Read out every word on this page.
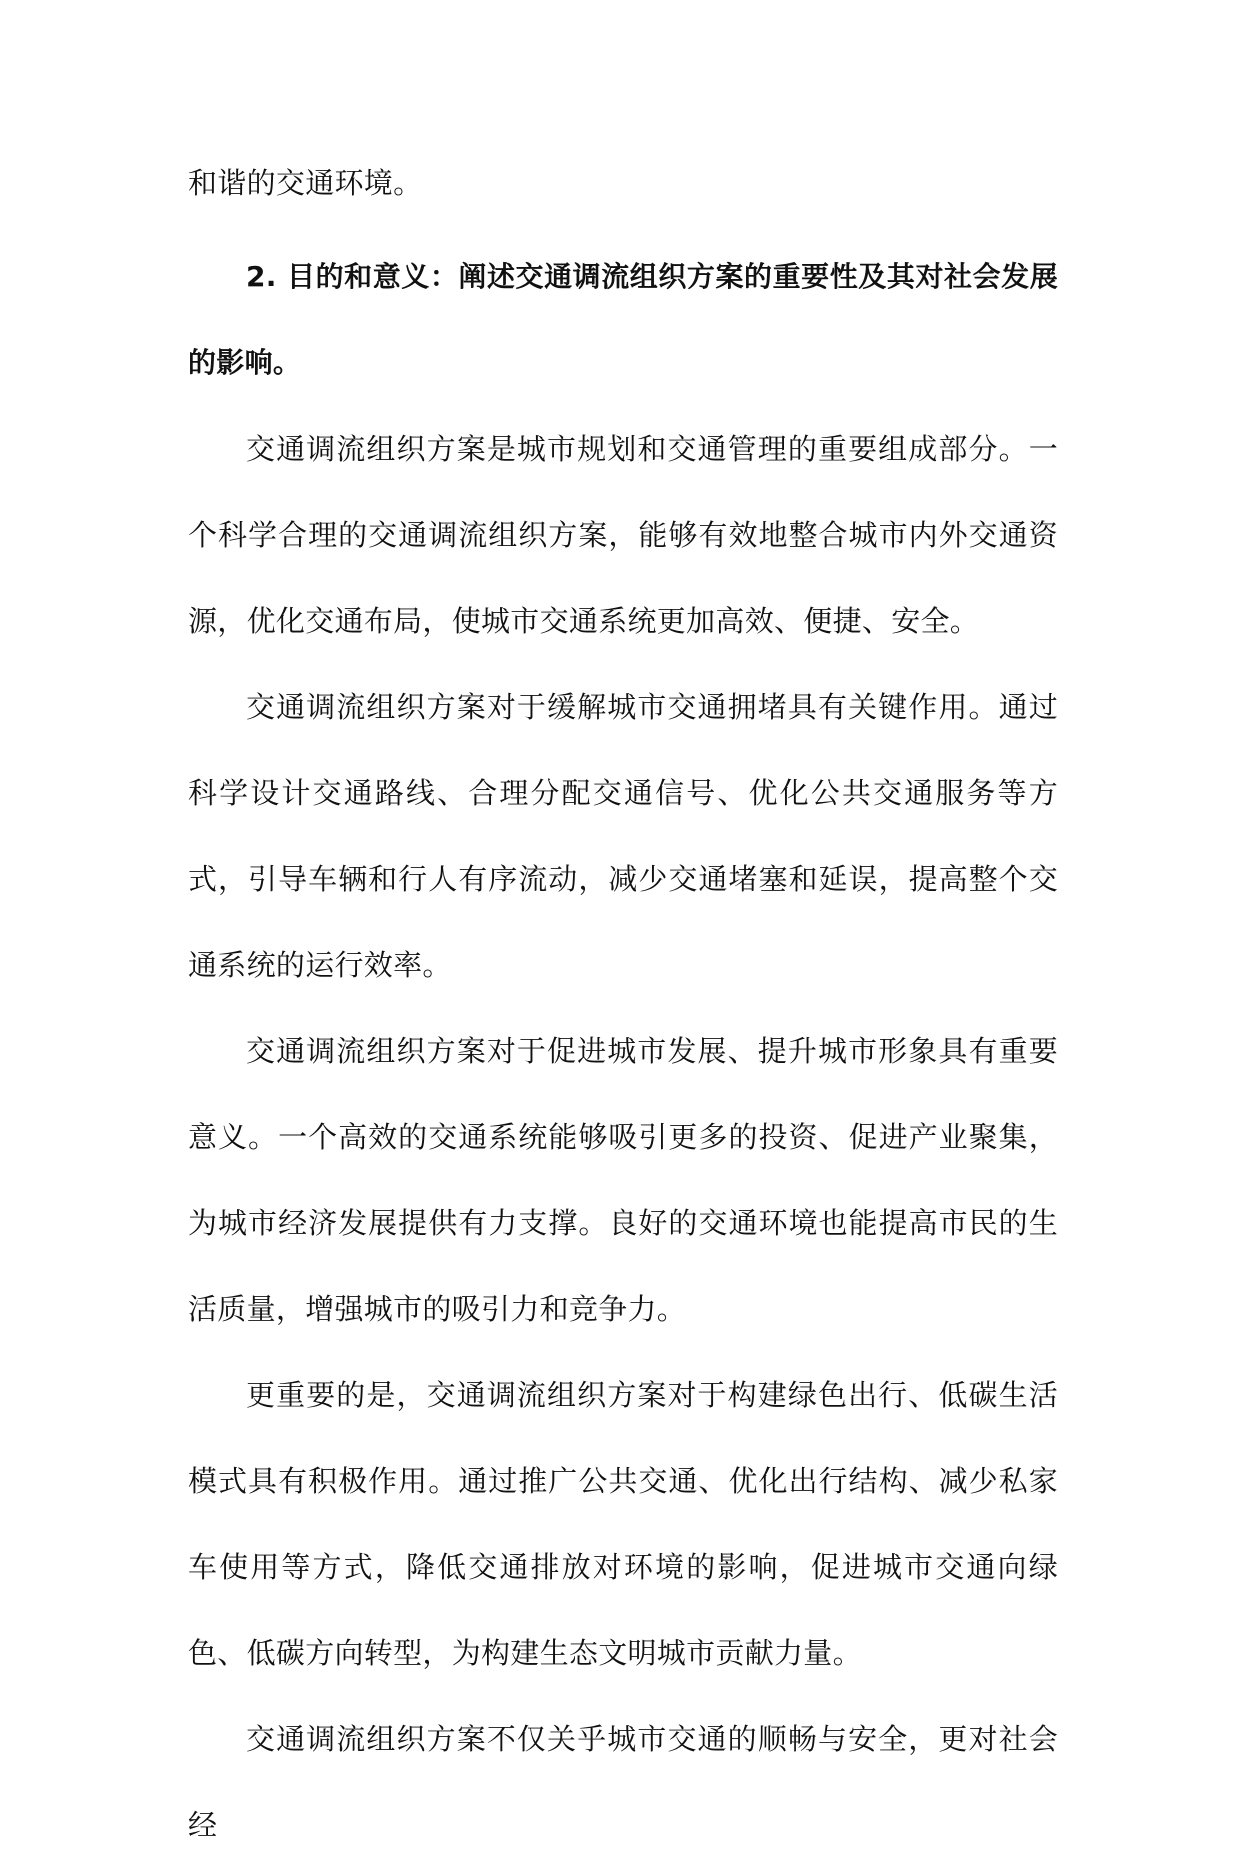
和谐的交通环境。

2. 目的和意义：阐述交通调流组织方案的重要性及其对社会发展的影响。

交通调流组织方案是城市规划和交通管理的重要组成部分。一个科学合理的交通调流组织方案，能够有效地整合城市内外交通资源，优化交通布局，使城市交通系统更加高效、便捷、安全。

交通调流组织方案对于缓解城市交通拥堵具有关键作用。通过科学设计交通路线、合理分配交通信号、优化公共交通服务等方式，引导车辆和行人有序流动，减少交通堵塞和延误，提高整个交通系统的运行效率。

交通调流组织方案对于促进城市发展、提升城市形象具有重要意义。一个高效的交通系统能够吸引更多的投资、促进产业聚集，为城市经济发展提供有力支撑。良好的交通环境也能提高市民的生活质量，增强城市的吸引力和竞争力。

更重要的是，交通调流组织方案对于构建绿色出行、低碳生活模式具有积极作用。通过推广公共交通、优化出行结构、减少私家车使用等方式，降低交通排放对环境的影响，促进城市交通向绿色、低碳方向转型，为构建生态文明城市贡献力量。

交通调流组织方案不仅关乎城市交通的顺畅与安全，更对社会经
